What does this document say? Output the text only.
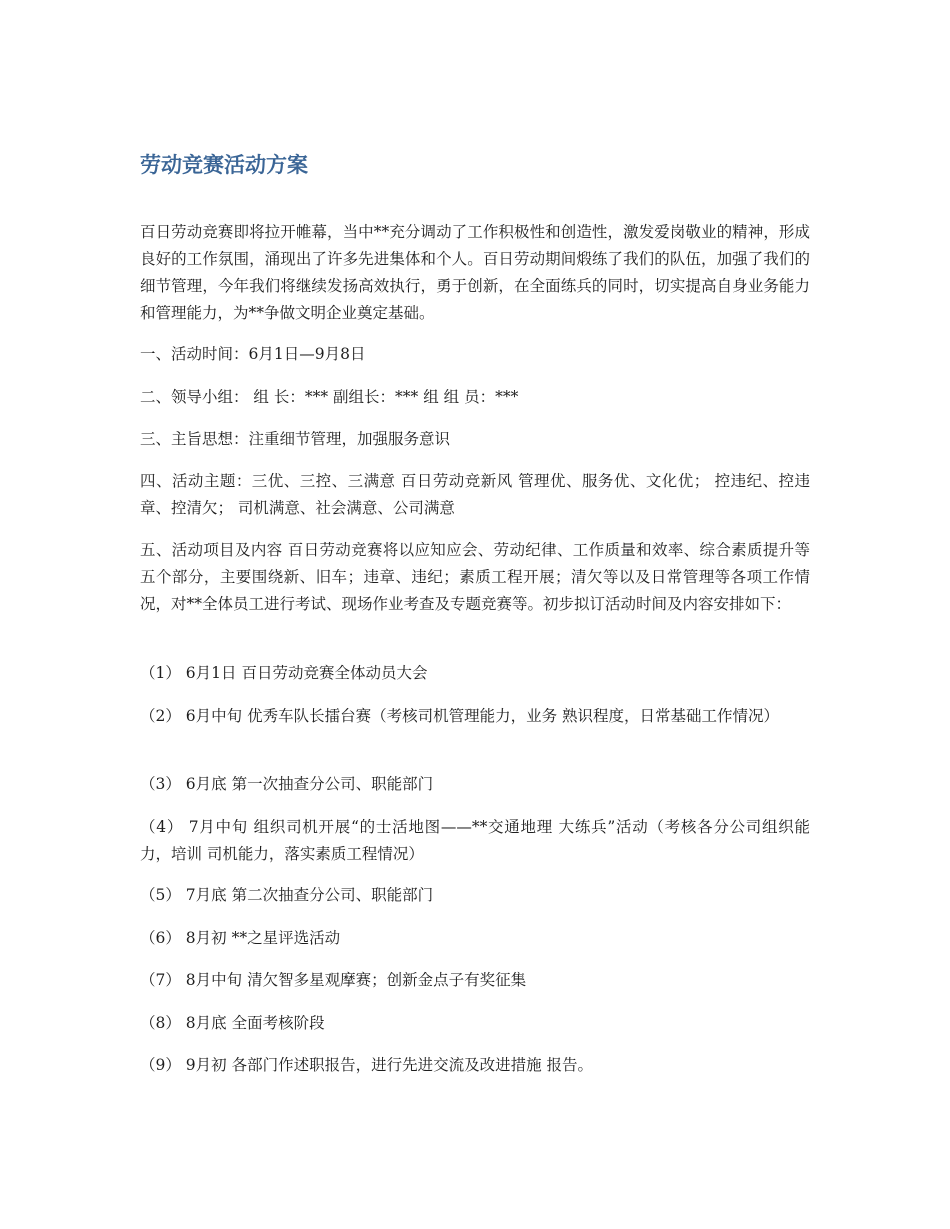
劳动竞赛活动方案

百日劳动竞赛即将拉开帷幕，当中**充分调动了工作积极性和创造性，激发爱岗敬业的精神，形成良好的工作氛围，涌现出了许多先进集体和个人。百日劳动期间煅练了我们的队伍，加强了我们的细节管理，今年我们将继续发扬高效执行，勇于创新，在全面练兵的同时，切实提高自身业务能力和管理能力，为**争做文明企业奠定基础。

一、活动时间：6月1日—9月8日

二、领导小组： 组 长：*** 副组长：*** 组 组 员：***

三、主旨思想：注重细节管理，加强服务意识

四、活动主题：三优、三控、三满意 百日劳动竞新风 管理优、服务优、文化优； 控违纪、控违章、控清欠； 司机满意、社会满意、公司满意

五、活动项目及内容 百日劳动竞赛将以应知应会、劳动纪律、工作质量和效率、综合素质提升等五个部分，主要围绕新、旧车；违章、违纪；素质工程开展；清欠等以及日常管理等各项工作情况，对**全体员工进行考试、现场作业考查及专题竞赛等。初步拟订活动时间及内容安排如下：

（1） 6月1日 百日劳动竞赛全体动员大会

（2） 6月中旬 优秀车队长擂台赛（考核司机管理能力，业务 熟识程度，日常基础工作情况）

（3） 6月底 第一次抽查分公司、职能部门

（4） 7月中旬 组织司机开展“的士活地图——**交通地理 大练兵”活动（考核各分公司组织能力，培训 司机能力，落实素质工程情况）

（5） 7月底 第二次抽查分公司、职能部门

（6） 8月初 **之星评选活动

（7） 8月中旬 清欠智多星观摩赛；创新金点子有奖征集

（8） 8月底 全面考核阶段

（9） 9月初 各部门作述职报告，进行先进交流及改进措施 报告。
